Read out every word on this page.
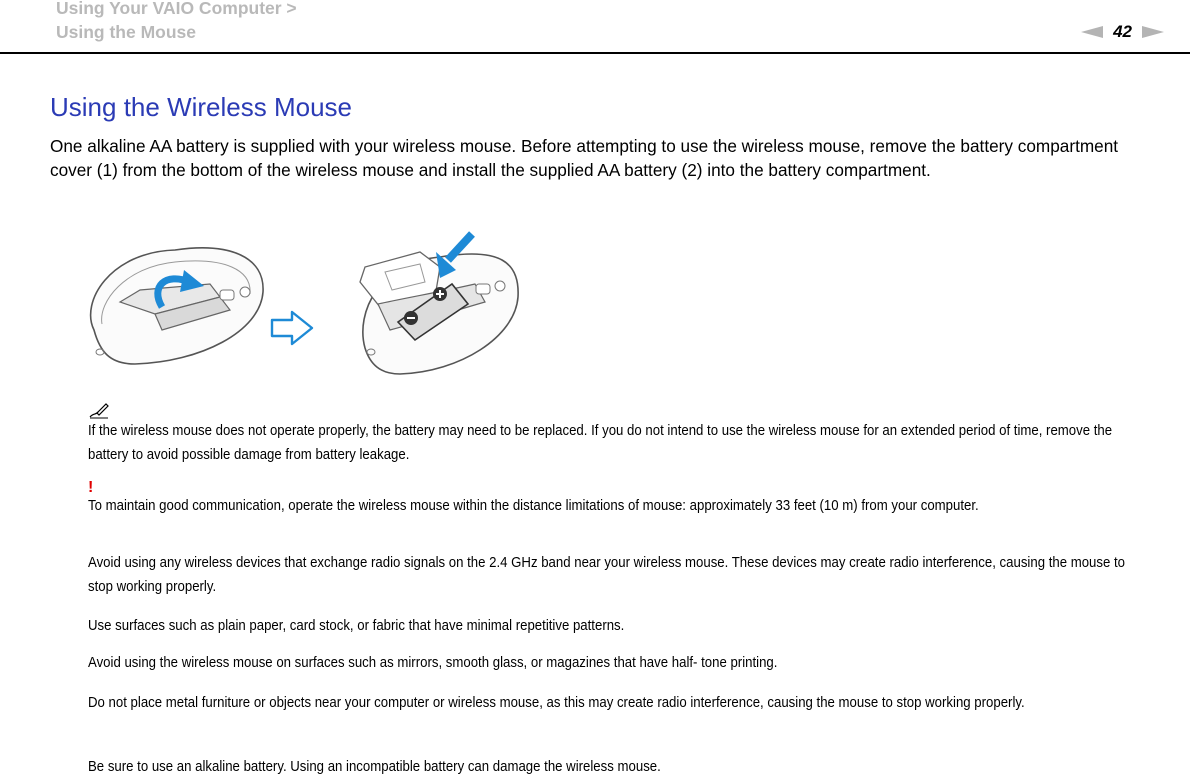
Using Your VAIO Computer >

Using the Mouse	42
Using the Wireless Mouse

One alkaline AA battery is supplied with your wireless mouse. Before attempting to use the wireless mouse, remove the battery compartment cover (1) from the bottom of the wireless mouse and install the supplied AA battery (2) into the battery compartment.

If the wireless mouse does not operate properly, the battery may need to be replaced. If you do not intend to use the wireless mouse for an extended period of time, remove the battery to avoid possible damage from battery leakage.

!

To maintain good communication, operate the wireless mouse within the distance limitations of mouse: approximately 33 feet (10 m) from your computer.

Avoid using any wireless devices that exchange radio signals on the 2.4 GHz band near your wireless mouse. These devices may create radio interference, causing the mouse to stop working properly.

Use surfaces such as plain paper, card stock, or fabric that have minimal repetitive patterns.

Avoid using the wireless mouse on surfaces such as mirrors, smooth glass, or magazines that have half- tone printing.

Do not place metal furniture or objects near your computer or wireless mouse, as this may create radio interference, causing the mouse to stop working properly.

Be sure to use an alkaline battery. Using an incompatible battery can damage the wireless mouse.
